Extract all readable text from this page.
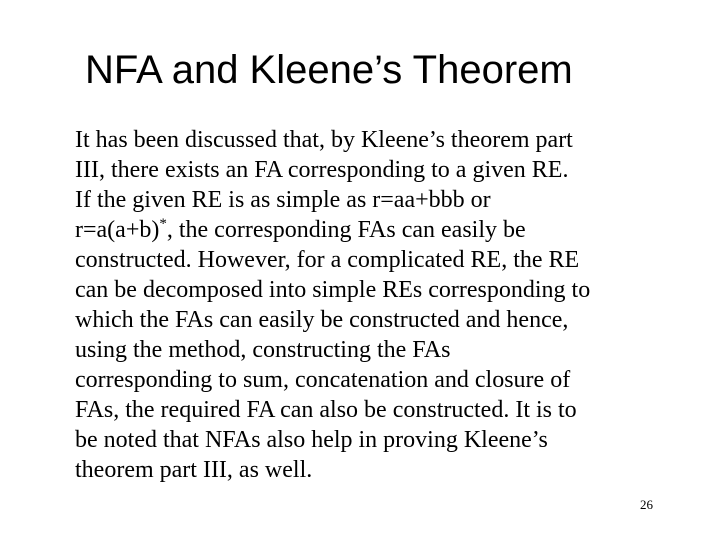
NFA and Kleene’s Theorem
It has been discussed that, by Kleene’s theorem part
III, there exists an FA corresponding to a given RE.
If the given RE is as simple as r=aa+bbb or
r=a(a+b)*, the corresponding FAs can easily be
constructed. However, for a complicated RE, the RE
can be decomposed into simple REs corresponding to
which the FAs can easily be constructed and hence,
using the method, constructing the FAs
corresponding to sum, concatenation and closure of
FAs, the required FA can also be constructed. It is to
be noted that NFAs also help in proving Kleene’s
theorem part III, as well.
26
